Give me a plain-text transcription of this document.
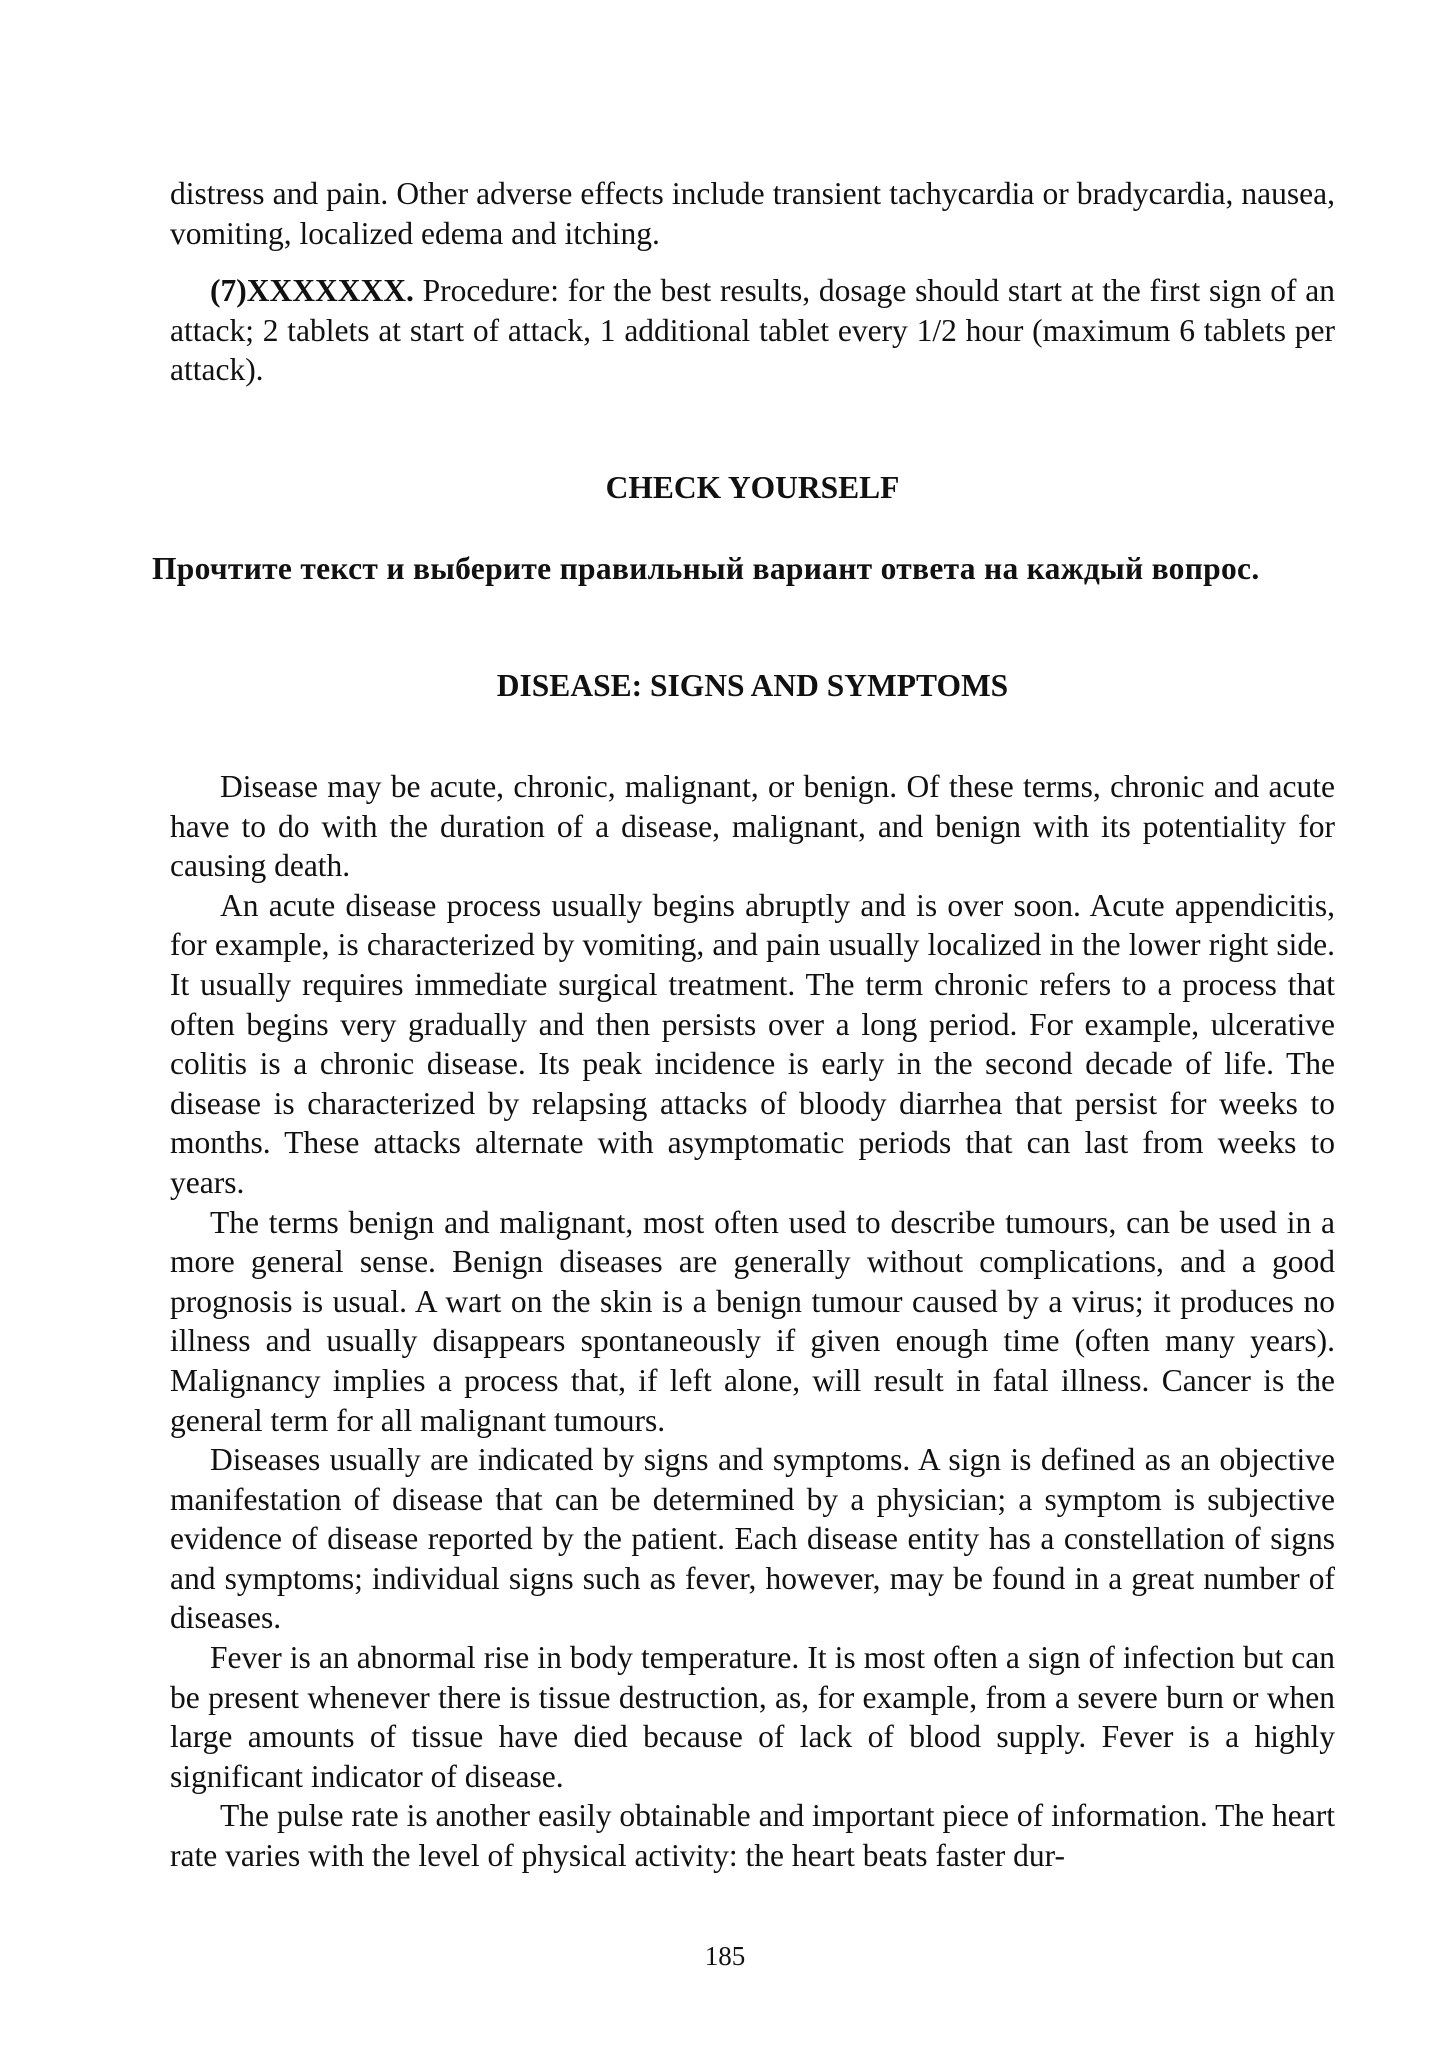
distress and pain. Other adverse effects include transient tachycardia or bradycardia, nausea, vomiting, localized edema and itching.

(7)XXXXXXX. Procedure: for the best results, dosage should start at the first sign of an attack; 2 tablets at start of attack, 1 additional tablet every 1/2 hour (maximum 6 tablets per attack).

CHECK YOURSELF

Прочтите текст и выберите правильный вариант ответа на каждый вопрос.

DISEASE: SIGNS AND SYMPTOMS

Disease may be acute, chronic, malignant, or benign. Of these terms, chronic and acute have to do with the duration of a disease, malignant, and benign with its potentiality for causing death.

An acute disease process usually begins abruptly and is over soon. Acute appendicitis, for example, is characterized by vomiting, and pain usually localized in the lower right side. It usually requires immediate surgical treatment. The term chronic refers to a process that often begins very gradually and then persists over a long period. For example, ulcerative colitis is a chronic disease. Its peak incidence is early in the second decade of life. The disease is characterized by relapsing attacks of bloody diarrhea that persist for weeks to months. These attacks alternate with asymptomatic periods that can last from weeks to years.

The terms benign and malignant, most often used to describe tumours, can be used in a more general sense. Benign diseases are generally without complications, and a good prognosis is usual. A wart on the skin is a benign tumour caused by a virus; it produces no illness and usually disappears spontaneously if given enough time (often many years). Malignancy implies a process that, if left alone, will result in fatal illness. Cancer is the general term for all malignant tumours.

Diseases usually are indicated by signs and symptoms. A sign is defined as an objective manifestation of disease that can be determined by a physician; a symptom is subjective evidence of disease reported by the patient. Each disease entity has a constellation of signs and symptoms; individual signs such as fever, however, may be found in a great number of diseases.

Fever is an abnormal rise in body temperature. It is most often a sign of infection but can be present whenever there is tissue destruction, as, for example, from a severe burn or when large amounts of tissue have died because of lack of blood supply. Fever is a highly significant indicator of disease.

The pulse rate is another easily obtainable and important piece of information. The heart rate varies with the level of physical activity: the heart beats faster dur-

185
